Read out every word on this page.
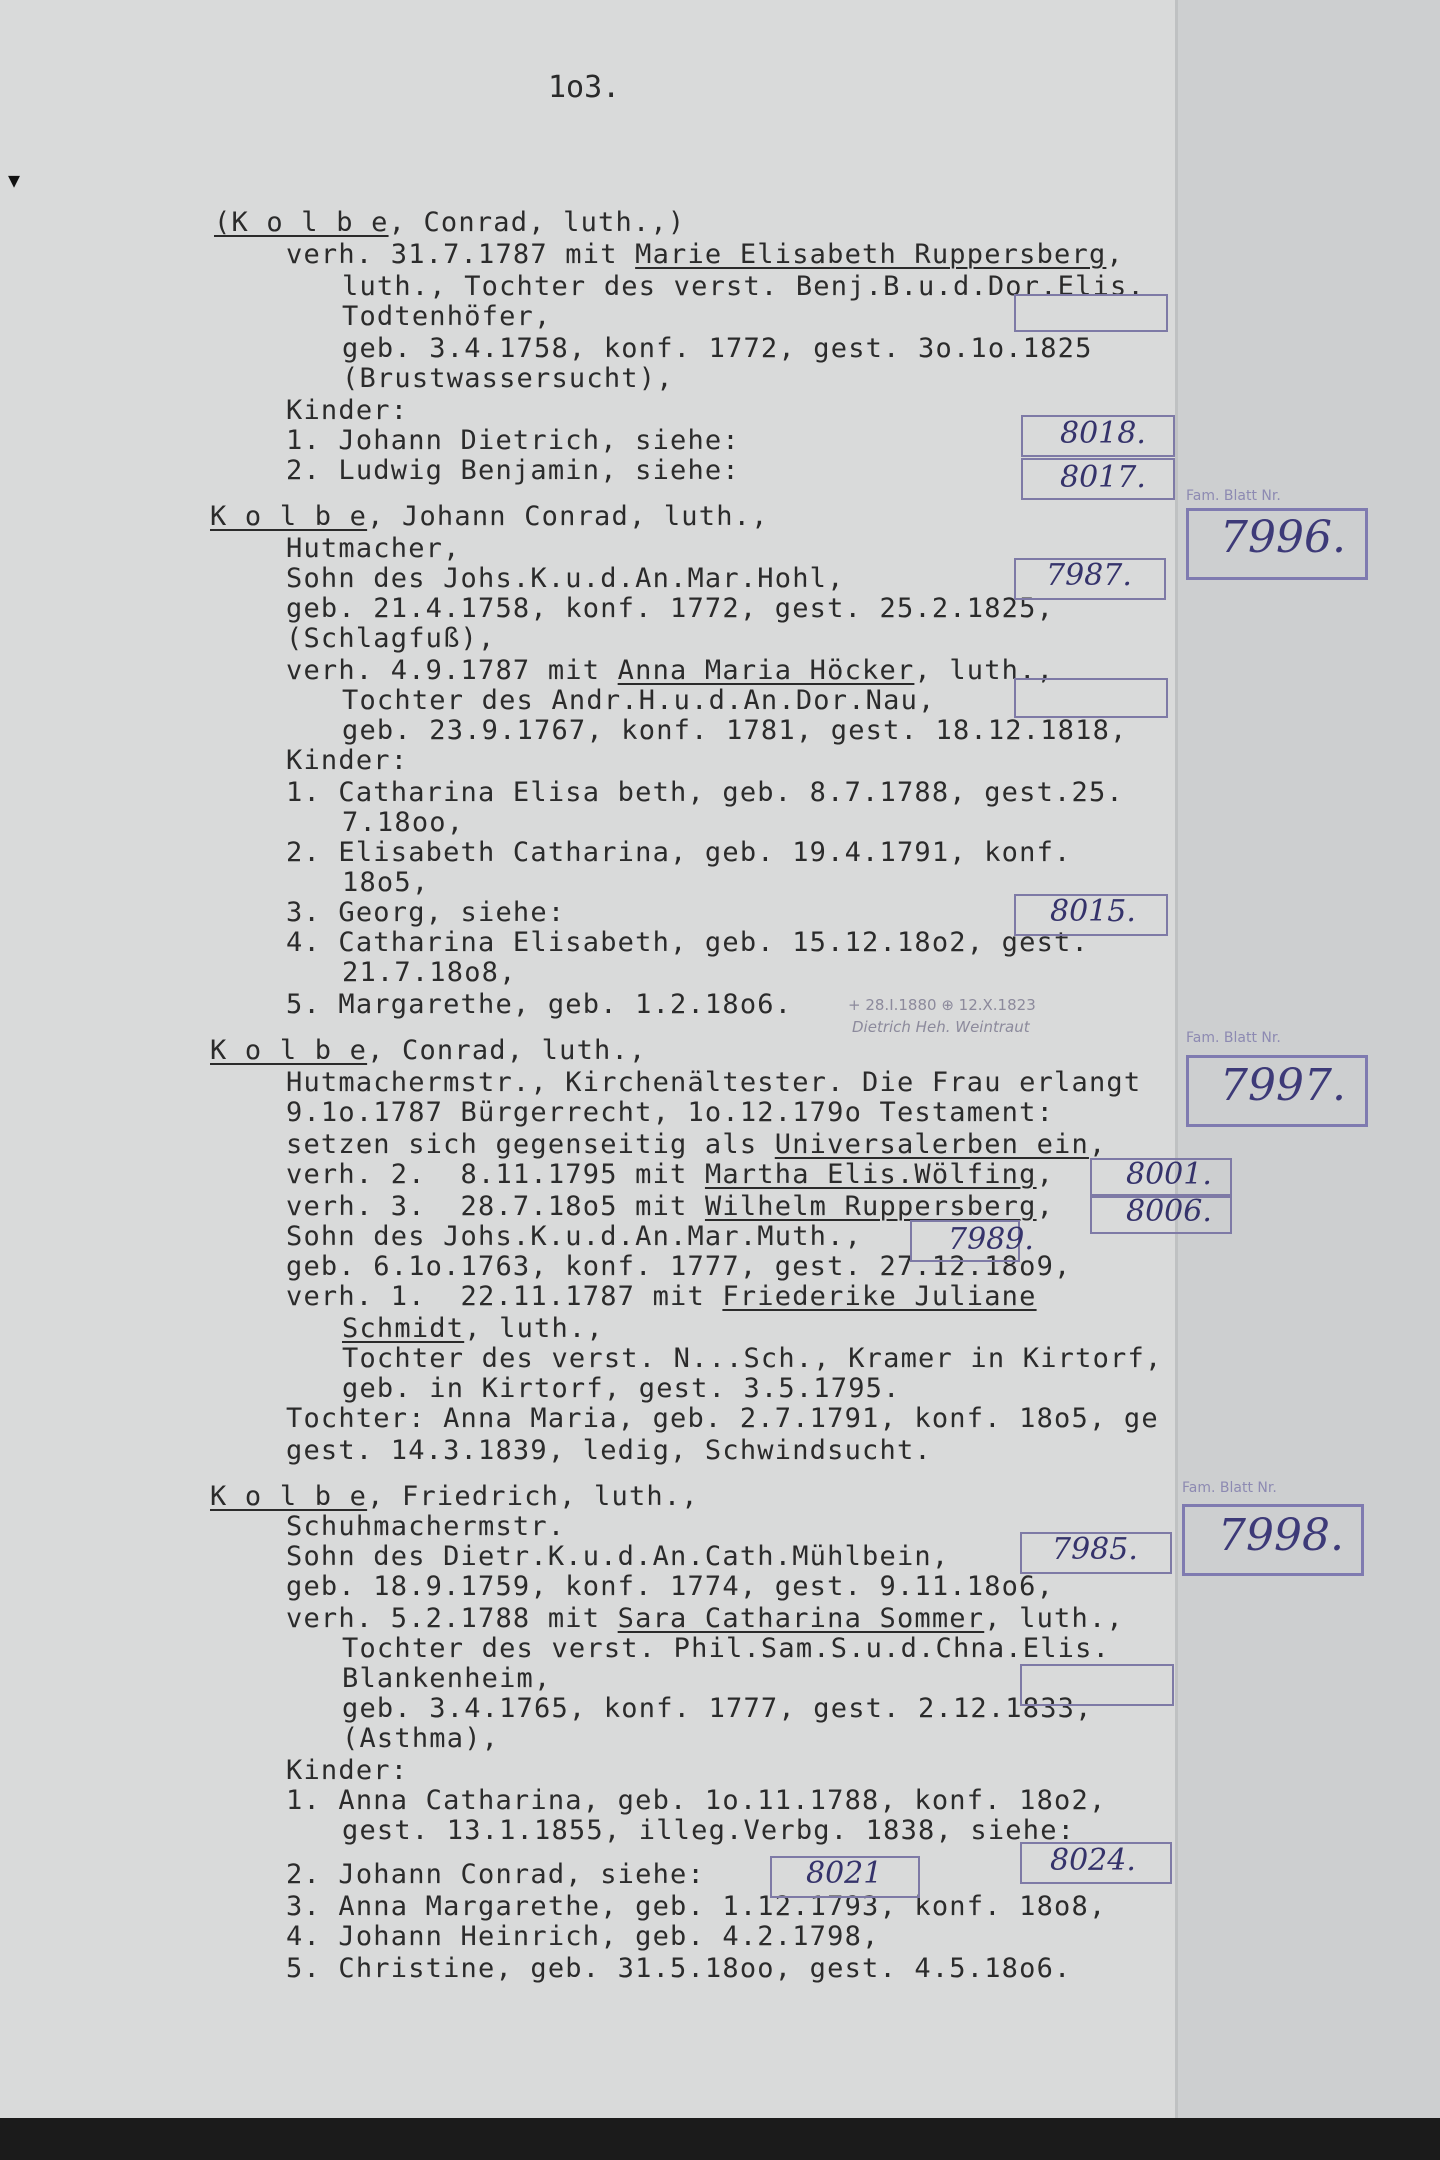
1o3.
▼
(K o l b e, Conrad, luth.,)
verh. 31.7.1787 mit Marie Elisabeth Ruppersberg,
luth., Tochter des verst. Benj.B.u.d.Dor.Elis.
Todtenhöfer,
geb. 3.4.1758, konf. 1772, gest. 3o.1o.1825
(Brustwassersucht),
Kinder:
1. Johann Dietrich, siehe:
2. Ludwig Benjamin, siehe:
K o l b e, Johann Conrad, luth.,
Hutmacher,
Sohn des Johs.K.u.d.An.Mar.Hohl,
geb. 21.4.1758, konf. 1772, gest. 25.2.1825,
(Schlagfuß),
verh. 4.9.1787 mit Anna Maria Höcker, luth.,
Tochter des Andr.H.u.d.An.Dor.Nau,
geb. 23.9.1767, konf. 1781, gest. 18.12.1818,
Kinder:
1. Catharina Elisa beth, geb. 8.7.1788, gest.25.
7.18oo,
2. Elisabeth Catharina, geb. 19.4.1791, konf.
18o5,
3. Georg, siehe:
4. Catharina Elisabeth, geb. 15.12.18o2, gest.
21.7.18o8,
5. Margarethe, geb. 1.2.18o6.
K o l b e, Conrad, luth.,
Hutmachermstr., Kirchenältester. Die Frau erlangt
9.1o.1787 Bürgerrecht, 1o.12.179o Testament:
setzen sich gegenseitig als Universalerben ein,
verh. 2.  8.11.1795 mit Martha Elis.Wölfing,
verh. 3.  28.7.18o5 mit Wilhelm Ruppersberg,
Sohn des Johs.K.u.d.An.Mar.Muth.,
geb. 6.1o.1763, konf. 1777, gest. 27.12.18o9,
verh. 1.  22.11.1787 mit Friederike Juliane
Schmidt, luth.,
Tochter des verst. N...Sch., Kramer in Kirtorf,
geb. in Kirtorf, gest. 3.5.1795.
Tochter: Anna Maria, geb. 2.7.1791, konf. 18o5, ge
gest. 14.3.1839, ledig, Schwindsucht.
K o l b e, Friedrich, luth.,
Schuhmachermstr.
Sohn des Dietr.K.u.d.An.Cath.Mühlbein,
geb. 18.9.1759, konf. 1774, gest. 9.11.18o6,
verh. 5.2.1788 mit Sara Catharina Sommer, luth.,
Tochter des verst. Phil.Sam.S.u.d.Chna.Elis.
Blankenheim,
geb. 3.4.1765, konf. 1777, gest. 2.12.1833,
(Asthma),
Kinder:
1. Anna Catharina, geb. 1o.11.1788, konf. 18o2,
gest. 13.1.1855, illeg.Verbg. 1838, siehe:
2. Johann Conrad, siehe:
3. Anna Margarethe, geb. 1.12.1793, konf. 18o8,
4. Johann Heinrich, geb. 4.2.1798,
5. Christine, geb. 31.5.18oo, gest. 4.5.18o6.
8018.
8017.
7987.
8015.
8001.
8006.
7989.
7985.
8024.
8021
+ 28.I.1880 ⊕ 12.X.1823
Dietrich Heh. Weintraut
Fam. Blatt Nr.
7996.
Fam. Blatt Nr.
7997.
Fam. Blatt Nr.
7998.
